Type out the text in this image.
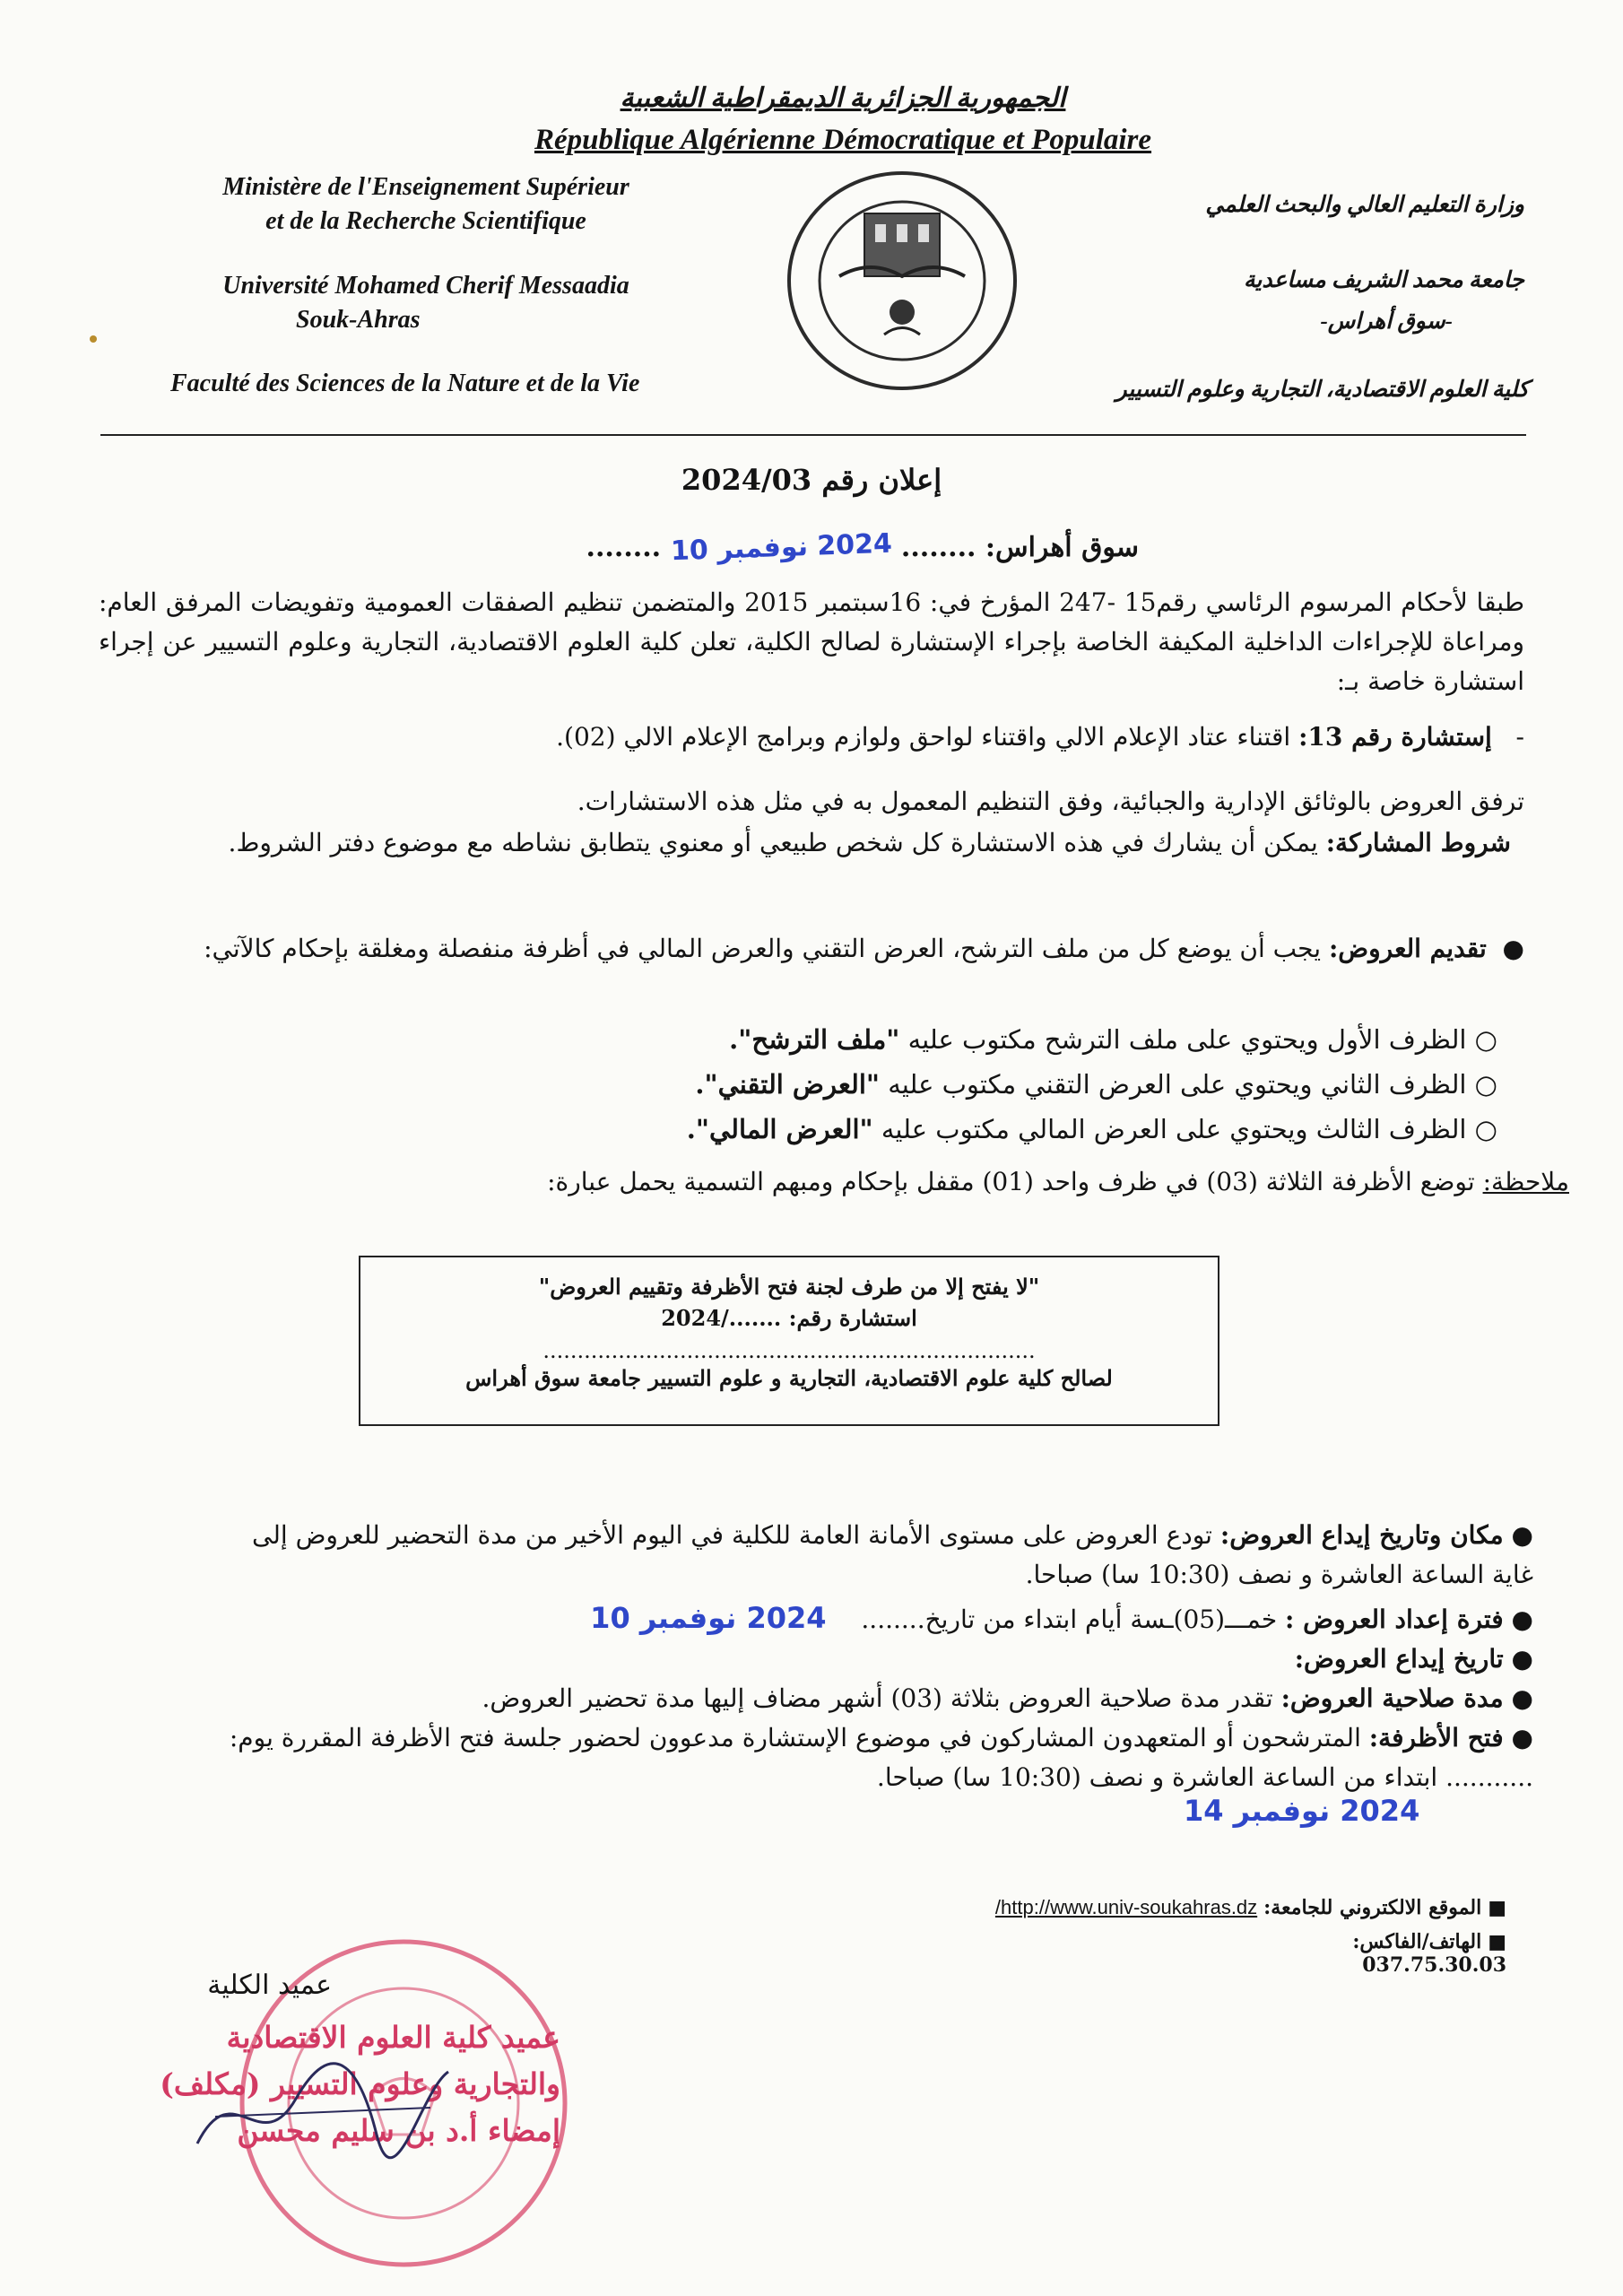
الجمهورية الجزائرية الديمقراطية الشعبية
République Algérienne Démocratique et Populaire
Ministère de l'Enseignement Supérieur
et de la Recherche Scientifique
Université Mohamed Cherif Messaadia
Souk-Ahras
Faculté des Sciences de la Nature et de la Vie
وزارة التعليم العالي والبحث العلمي
جامعة محمد الشريف مساعدية
-سوق أهراس-
كلية العلوم الاقتصادية، التجارية وعلوم التسيير
إعلان رقم 2024/03
سوق أهراس: ........ 2024 نوفمبر 10 ........
طبقا لأحكام المرسوم الرئاسي رقم15 -247 المؤرخ في: 16سبتمبر 2015 والمتضمن تنظيم الصفقات العمومية وتفويضات المرفق العام: ومراعاة للإجراءات الداخلية المكيفة الخاصة بإجراء الإستشارة لصالح الكلية، تعلن كلية العلوم الاقتصادية، التجارية وعلوم التسيير عن إجراء استشارة خاصة بـ:
-   إستشارة رقم 13: اقتناء عتاد الإعلام الالي واقتناء لواحق ولوازم وبرامج الإعلام الالي (02).
ترفق العروض بالوثائق الإدارية والجبائية، وفق التنظيم المعمول به في مثل هذه الاستشارات.
شروط المشاركة: يمكن أن يشارك في هذه الاستشارة كل شخص طبيعي أو معنوي يتطابق نشاطه مع موضوع دفتر الشروط.
●  تقديم العروض: يجب أن يوضع كل من ملف الترشح، العرض التقني والعرض المالي في أظرفة منفصلة ومغلقة بإحكام كالآتي:
○ الظرف الأول ويحتوي على ملف الترشح مكتوب عليه "ملف الترشح".
○ الظرف الثاني ويحتوي على العرض التقني مكتوب عليه "العرض التقني".
○ الظرف الثالث ويحتوي على العرض المالي مكتوب عليه "العرض المالي".
ملاحظة: توضع الأظرفة الثلاثة (03) في ظرف واحد (01) مقفل بإحكام ومبهم التسمية يحمل عبارة:
"لا يفتح إلا من طرف لجنة فتح الأظرفة وتقييم العروض"
استشارة رقم: ......./2024
........................................................................
لصالح كلية علوم الاقتصادية، التجارية و علوم التسيير جامعة سوق أهراس
● مكان وتاريخ إيداع العروض: تودع العروض على مستوى الأمانة العامة للكلية في اليوم الأخير من مدة التحضير للعروض إلى غاية الساعة العاشرة و نصف (10:30 سا) صباحا.
● فترة إعداد العروض : خمـــ(05)ـسة أيام ابتداء من تاريخ........ 2024 نوفمبر 10
● تاريخ إيداع العروض:
● مدة صلاحية العروض: تقدر مدة صلاحية العروض بثلاثة (03) أشهر مضاف إليها مدة تحضير العروض.
● فتح الأظرفة: المترشحون أو المتعهدون المشاركون في موضوع الإستشارة مدعوون لحضور جلسة فتح الأظرفة المقررة يوم: ........... ابتداء من الساعة العاشرة و نصف (10:30 سا) صباحا.
2024 نوفمبر 14
■ الموقع الالكتروني للجامعة: http://www.univ-soukahras.dz/
■ الهاتف/الفاكس: 037.75.30.03
عميد الكلية
عميد كلية العلوم الاقتصادية
والتجارية وعلوم التسيير (مكلف)
إمضاء أ.د بن سليم محسن
